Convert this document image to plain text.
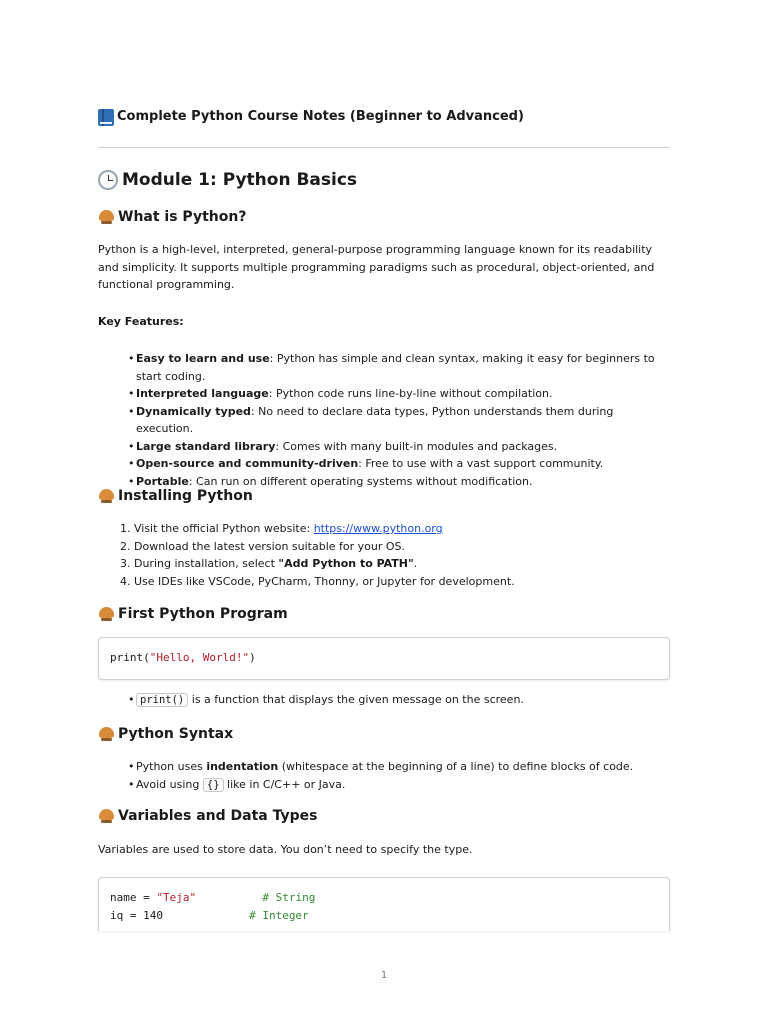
Complete Python Course Notes (Beginner to Advanced)
Module 1: Python Basics
What is Python?
Python is a high-level, interpreted, general-purpose programming language known for its readability and simplicity. It supports multiple programming paradigms such as procedural, object-oriented, and functional programming.
Key Features:
• Easy to learn and use: Python has simple and clean syntax, making it easy for beginners to start coding.
• Interpreted language: Python code runs line-by-line without compilation.
• Dynamically typed: No need to declare data types, Python understands them during execution.
• Large standard library: Comes with many built-in modules and packages.
• Open-source and community-driven: Free to use with a vast support community.
• Portable: Can run on different operating systems without modification.
Installing Python
1. Visit the official Python website: https://www.python.org
2. Download the latest version suitable for your OS.
3. During installation, select "Add Python to PATH".
4. Use IDEs like VSCode, PyCharm, Thonny, or Jupyter for development.
First Python Program
print("Hello, World!")
• print() is a function that displays the given message on the screen.
Python Syntax
• Python uses indentation (whitespace at the beginning of a line) to define blocks of code.
• Avoid using {} like in C/C++ or Java.
Variables and Data Types
Variables are used to store data. You don’t need to specify the type.
name = "Teja"	# String
iq = 140	# Integer
1
